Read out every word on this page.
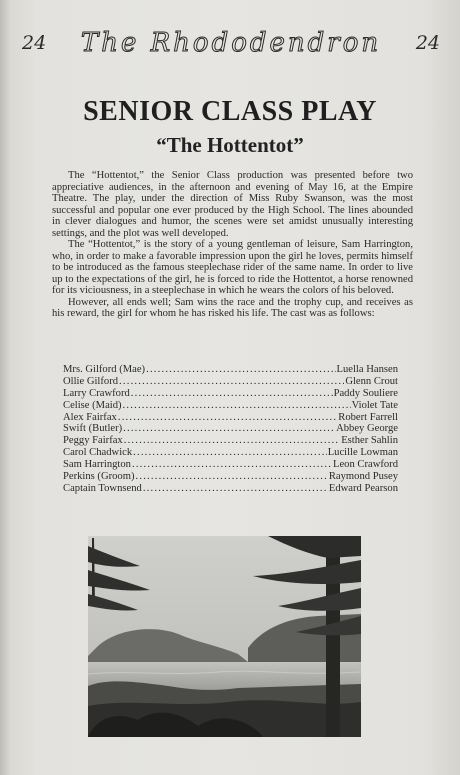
24	The Rhododendron	24
SENIOR CLASS PLAY
“The Hottentot”

The “Hottentot,” the Senior Class production was presented before two appreciative audiences, in the afternoon and evening of May 16, at the Empire Theatre. The play, under the direction of Miss Ruby Swanson, was the most successful and popular one ever produced by the High School. The lines abounded in clever dialogues and humor, the scenes were set amidst unusually interesting settings, and the plot was well developed.

The “Hottentot,” is the story of a young gentleman of leisure, Sam Harrington, who, in order to make a favorable impression upon the girl he loves, permits himself to be introduced as the famous steeplechase rider of the same name. In order to live up to the expectations of the girl, he is forced to ride the Hottentot, a horse renowned for its viciousness, in a steeplechase in which he wears the colors of his beloved.

However, all ends well; Sam wins the race and the trophy cup, and receives as his reward, the girl for whom he has risked his life. The cast was as follows:

Mrs. Gilford (Mae) .....	Luella Hansen
Ollie Gilford .....	Glenn Crout
Larry Crawford .....	Paddy Souliere
Celise (Maid) .....	Violet Tate
Alex Fairfax .....	Robert Farrell
Swift (Butler) .....	Abbey George
Peggy Fairfax .....	Esther Sahlin
Carol Chadwick .....	Lucille Lowman
Sam Harrington .....	Leon Crawford
Perkins (Groom) .....	Raymond Pusey
Captain Townsend .....	Edward Pearson
